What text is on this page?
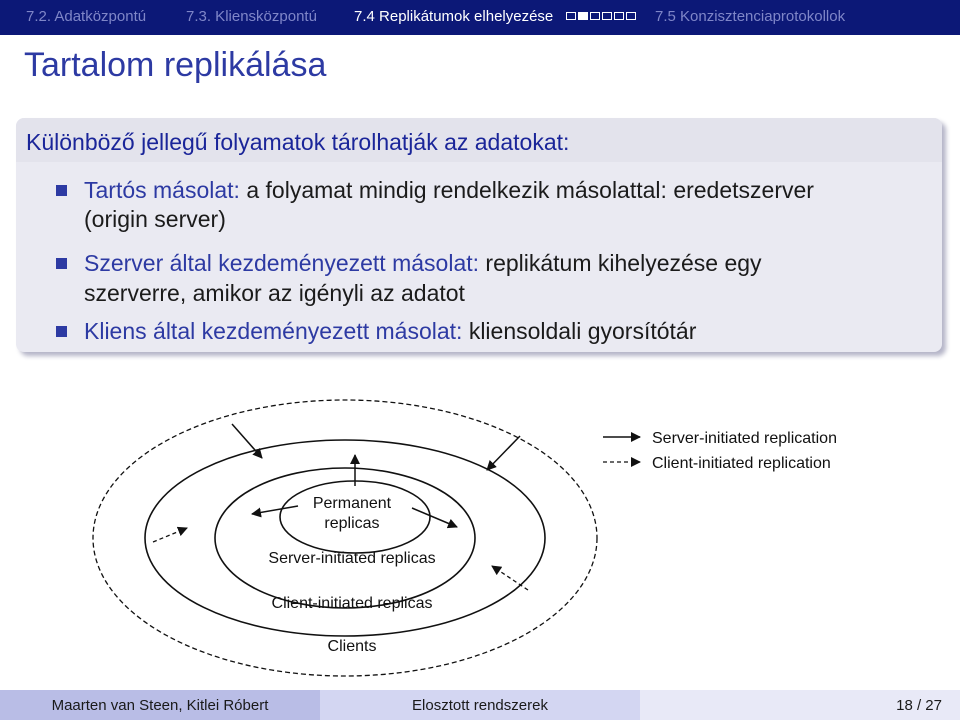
7.2. Adatközpontú	7.3. Kliensközpontú 7.4 Replikátumok elhelyezése	7.5 Konzisztenciaprotokollok
Tartalom replikálása
Különböző jellegű folyamatok tárolhatják az adatokat:
Tartós másolat: a folyamat mindig rendelkezik másolattal: eredetszerver
(origin server)
Szerver által kezdeményezett másolat: replikátum kihelyezése egy
szerverre, amikor az igényli az adatot
Kliens által kezdeményezett másolat: kliensoldali gyorsítótár
Permanent
replicas
Server-initiated replicas
Client-initiated replicas
Clients
Server-initiated replication
Client-initiated replication
Maarten van Steen, Kitlei Róbert	Elosztott rendszerek	18 / 27
